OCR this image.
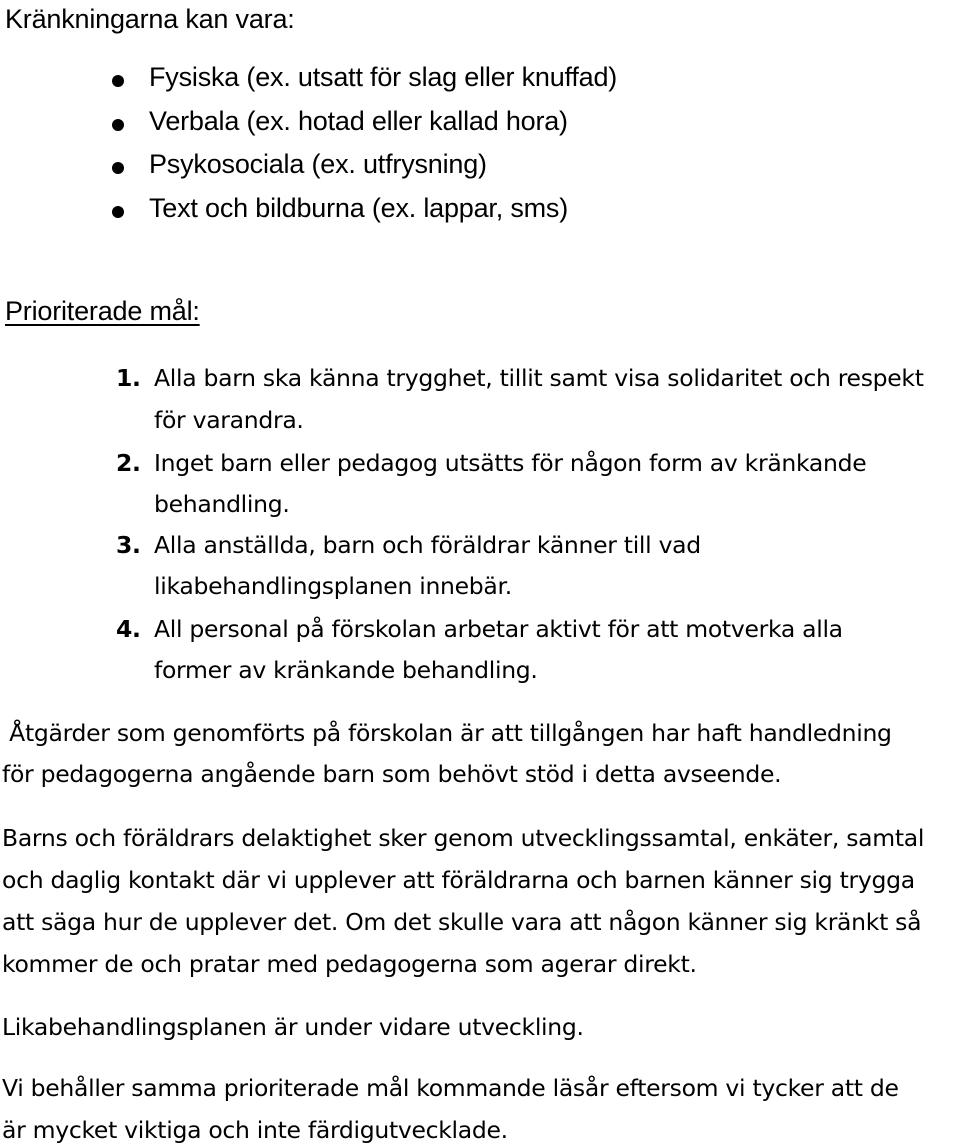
Kränkningarna kan vara:

Fysiska (ex. utsatt för slag eller knuffad)

Verbala (ex. hotad eller kallad hora)

Psykosociala (ex. utfrysning)

Text och bildburna (ex. lappar, sms)

Prioriterade mål:

1. Alla barn ska känna trygghet, tillit samt visa solidaritet och respekt

för varandra.

2. Inget barn eller pedagog utsätts för någon form av kränkande

behandling.

3. Alla anställda, barn och föräldrar känner till vad

likabehandlingsplanen innebär.

4. All personal på förskolan arbetar aktivt för att motverka alla

former av kränkande behandling.

Åtgärder som genomförts på förskolan är att tillgången har haft handledning

för pedagogerna angående barn som behövt stöd i detta avseende.

Barns och föräldrars delaktighet sker genom utvecklingssamtal, enkäter, samtal

och daglig kontakt där vi upplever att föräldrarna och barnen känner sig trygga

att säga hur de upplever det. Om det skulle vara att någon känner sig kränkt så

kommer de och pratar med pedagogerna som agerar direkt.

Likabehandlingsplanen är under vidare utveckling.

Vi behåller samma prioriterade mål kommande läsår eftersom vi tycker att de

är mycket viktiga och inte färdigutvecklade.
